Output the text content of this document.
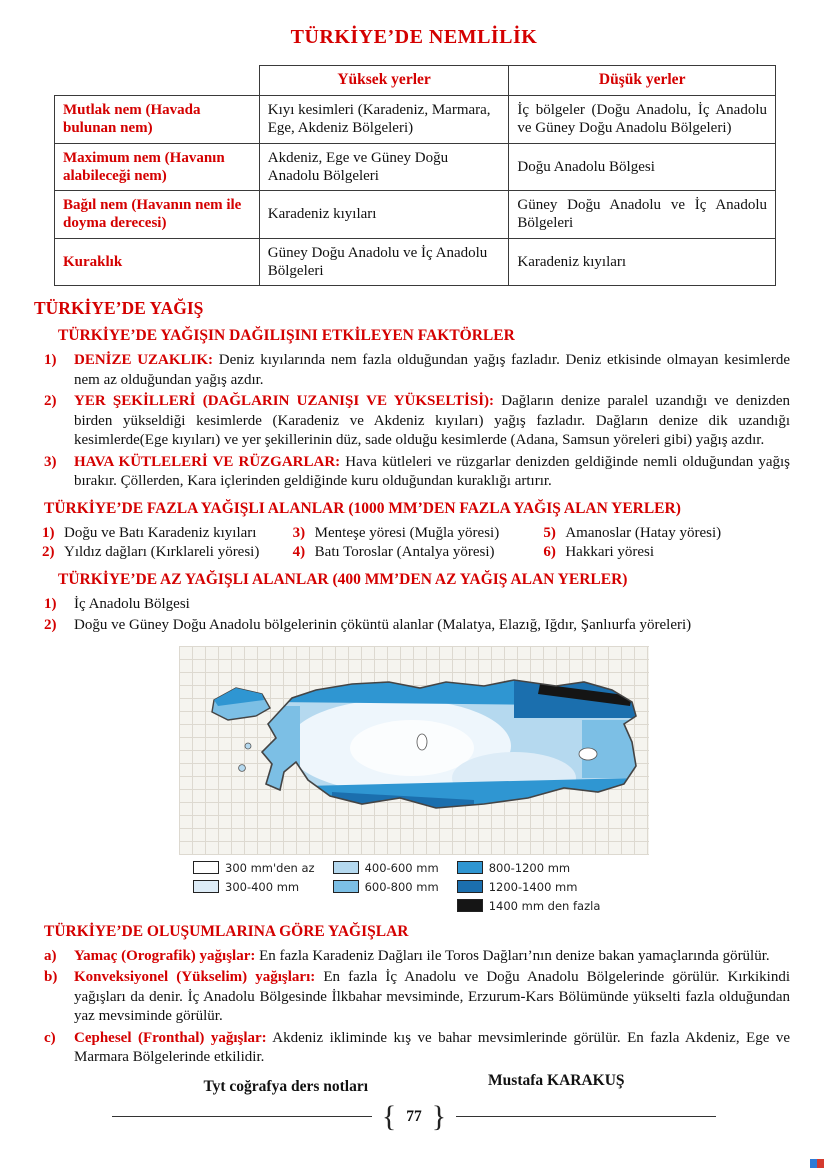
TÜRKİYE’DE NEMLİLİK
	Yüksek yerler	Düşük yerler
Mutlak nem (Havada bulunan nem)	Kıyı kesimleri (Karadeniz, Marmara, Ege, Akdeniz Bölgeleri)	İç bölgeler (Doğu Anadolu, İç Anadolu ve Güney Doğu Anadolu Bölgeleri)
Maximum nem (Havanın alabileceği nem)	Akdeniz, Ege ve Güney Doğu Anadolu Bölgeleri	Doğu Anadolu Bölgesi
Bağıl nem (Havanın nem ile doyma derecesi)	Karadeniz kıyıları	Güney Doğu Anadolu ve İç Anadolu Bölgeleri
Kuraklık	Güney Doğu Anadolu ve İç Anadolu Bölgeleri	Karadeniz kıyıları
TÜRKİYE’DE YAĞIŞ
TÜRKİYE’DE YAĞIŞIN DAĞILIŞINI ETKİLEYEN FAKTÖRLER
1)	DENİZE UZAKLIK: Deniz kıyılarında nem fazla olduğundan yağış fazladır. Deniz etkisinde olmayan kesimlerde nem az olduğundan yağış azdır.
2)	YER ŞEKİLLERİ (DAĞLARIN UZANIŞI VE YÜKSELTİSİ): Dağların denize paralel uzandığı ve denizden birden yükseldiği kesimlerde (Karadeniz ve Akdeniz kıyıları) yağış fazladır. Dağların denize dik uzandığı kesimlerde(Ege kıyıları) ve yer şekillerinin düz, sade olduğu kesimlerde (Adana, Samsun yöreleri gibi) yağış azdır.
3)	HAVA KÜTLELERİ VE RÜZGARLAR: Hava kütleleri ve rüzgarlar denizden geldiğinde nemli olduğundan yağış bırakır. Çöllerden, Kara içlerinden geldiğinde kuru olduğundan kuraklığı artırır.
TÜRKİYE’DE FAZLA YAĞIŞLI ALANLAR (1000 MM’DEN FAZLA YAĞIŞ ALAN YERLER)
1) Doğu ve Batı Karadeniz kıyıları
2) Yıldız dağları (Kırklareli yöresi)
3) Menteşe yöresi (Muğla yöresi)
4) Batı Toroslar (Antalya yöresi)
5) Amanoslar (Hatay yöresi)
6) Hakkari yöresi
TÜRKİYE’DE AZ YAĞIŞLI ALANLAR (400 MM’DEN AZ YAĞIŞ ALAN YERLER)
1)	İç Anadolu Bölgesi
2)	Doğu ve Güney Doğu Anadolu bölgelerinin çöküntü alanlar (Malatya, Elazığ, Iğdır, Şanlıurfa yöreleri)
300 mm'den az
300-400 mm
400-600 mm
600-800 mm
800-1200 mm
1200-1400 mm
1400 mm den fazla
TÜRKİYE’DE OLUŞUMLARINA GÖRE YAĞIŞLAR
a)	Yamaç (Orografik) yağışlar: En fazla Karadeniz Dağları ile Toros Dağları’nın denize bakan yamaçlarında görülür.
b)	Konveksiyonel (Yükselim) yağışları: En fazla İç Anadolu ve Doğu Anadolu Bölgelerinde görülür. Kırkikindi yağışları da denir. İç Anadolu Bölgesinde İlkbahar mevsiminde, Erzurum-Kars Bölümünde yükselti fazla olduğundan yaz mevsiminde görülür.
c)	Cephesel (Fronthal) yağışlar: Akdeniz ikliminde kış ve bahar mevsimlerinde görülür. En fazla Akdeniz, Ege ve Marmara Bölgelerinde etkilidir.
Tyt coğrafya ders notları	Mustafa KARAKUŞ
{ 77 }
